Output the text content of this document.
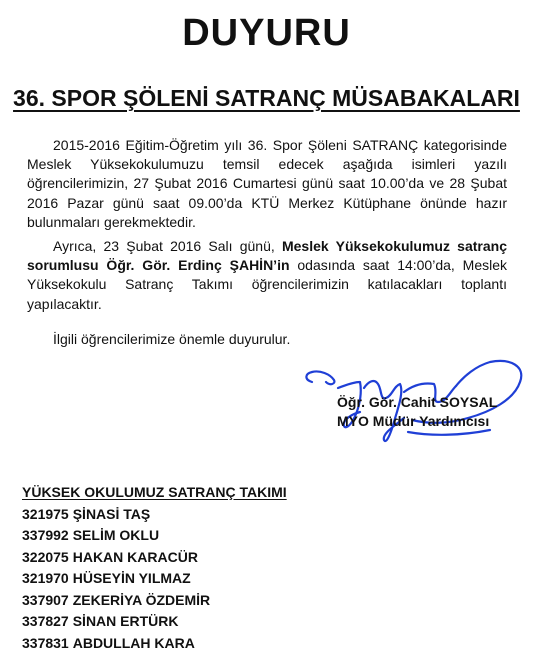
DUYURU
36. SPOR ŞÖLENİ SATRANÇ MÜSABAKALARI

2015-2016 Eğitim-Öğretim yılı 36. Spor Şöleni SATRANÇ kategorisinde Meslek Yüksekokulumuzu temsil edecek aşağıda isimleri yazılı öğrencilerimizin, 27 Şubat 2016 Cumartesi günü saat 10.00’da ve 28 Şubat 2016 Pazar günü saat 09.00’da KTÜ Merkez Kütüphane önünde hazır bulunmaları gerekmektedir.

Ayrıca, 23 Şubat 2016 Salı günü, Meslek Yüksekokulumuz satranç sorumlusu Öğr. Gör. Erdinç ŞAHİN’in odasında saat 14:00’da, Meslek Yüksekokulu Satranç Takımı öğrencilerimizin katılacakları toplantı yapılacaktır.

İlgili öğrencilerimize önemle duyurulur.

Öğr. Gör. Cahit SOYSAL
MYO Müdür Yardımcısı
YÜKSEK OKULUMUZ SATRANÇ TAKIMI
321975 ŞİNASİ TAŞ
337992 SELİM OKLU
322075 HAKAN KARACÜR
321970 HÜSEYİN YILMAZ
337907 ZEKERİYA ÖZDEMİR
337827 SİNAN ERTÜRK
337831 ABDULLAH KARA
